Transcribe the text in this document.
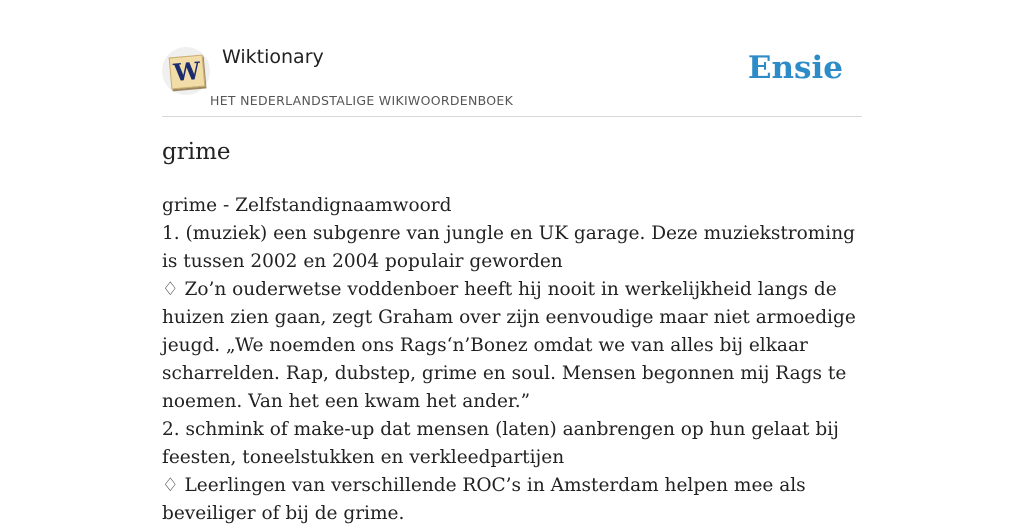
W Wiktionary
HET NEDERLANDSTALIGE WIKIWOORDENBOEK
Ensie
grime

grime - Zelfstandignaamwoord

1. (muziek) een subgenre van jungle en UK garage. Deze muziekstroming is tussen 2002 en 2004 populair geworden

♢ Zo’n ouderwetse voddenboer heeft hij nooit in werkelijkheid langs de huizen zien gaan, zegt Graham over zijn eenvoudige maar niet armoedige jeugd. „We noemden ons Rags‘n’Bonez omdat we van alles bij elkaar scharrelden. Rap, dubstep, grime en soul. Mensen begonnen mij Rags te noemen. Van het een kwam het ander.”

2. schmink of make-up dat mensen (laten) aanbrengen op hun gelaat bij feesten, toneelstukken en verkleedpartijen

♢ Leerlingen van verschillende ROC’s in Amsterdam helpen mee als beveiliger of bij de grime.
